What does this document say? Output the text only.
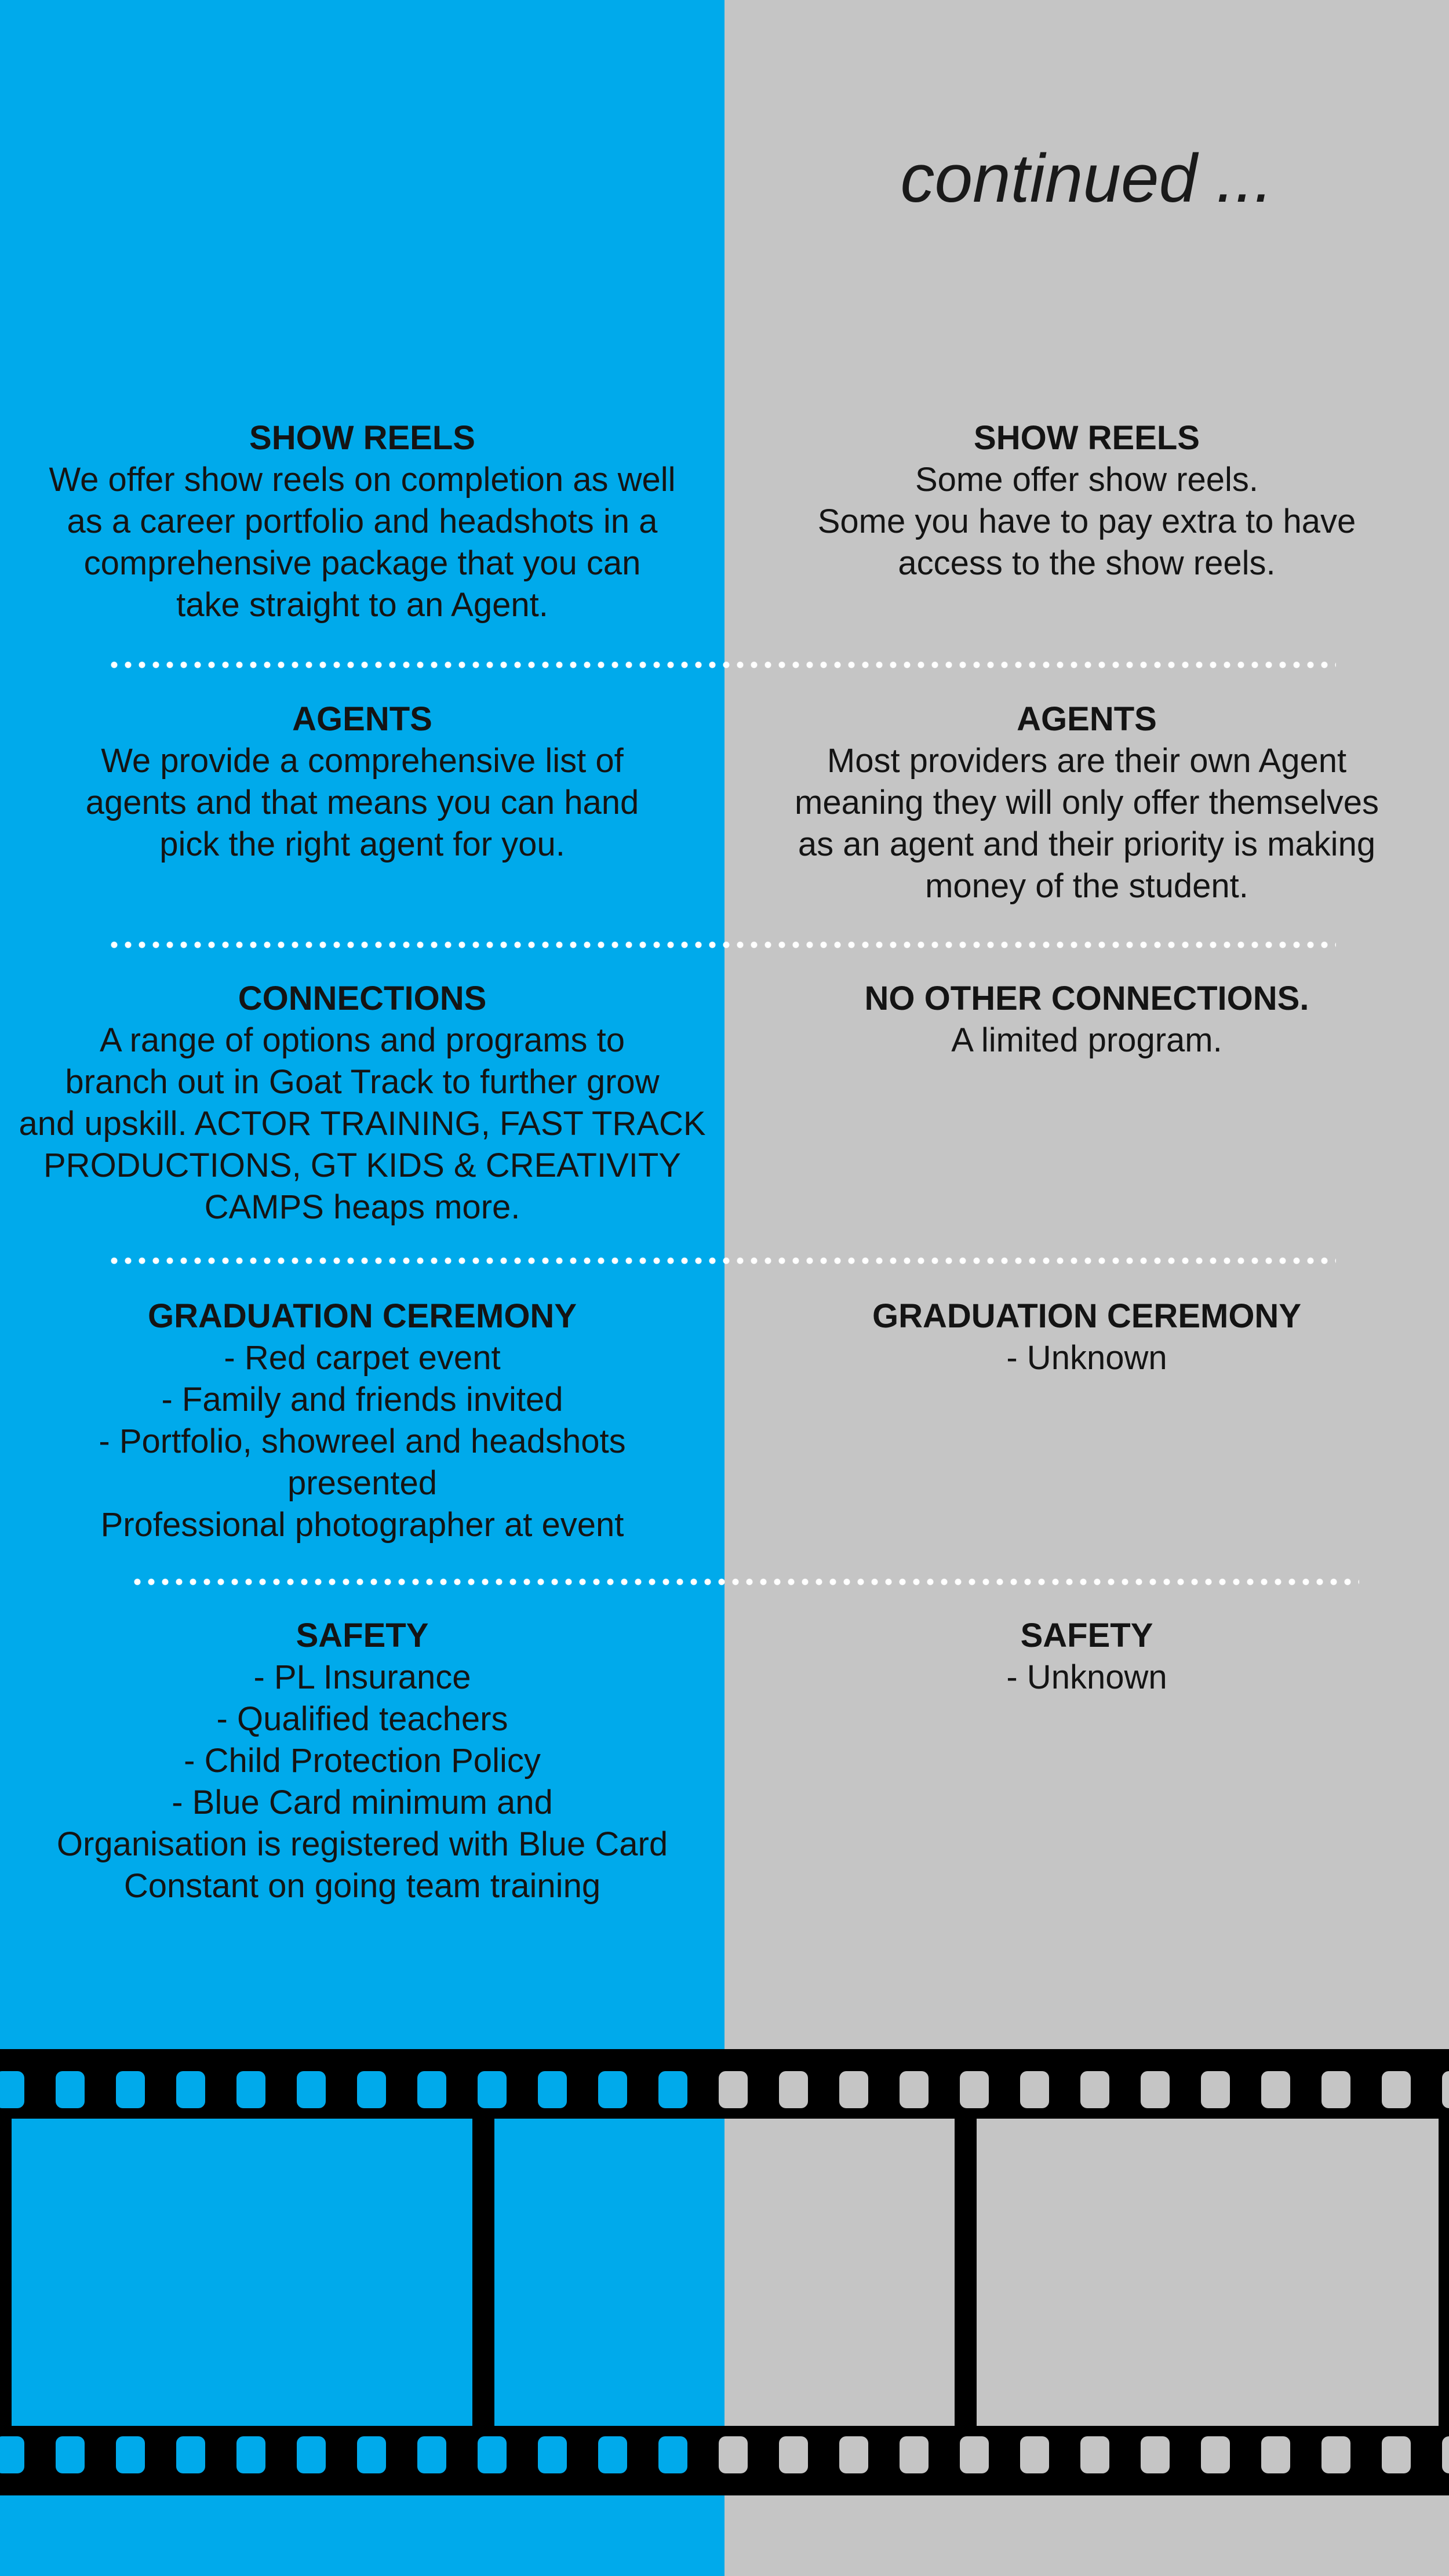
continued ...
SHOW REELS
We offer show reels on completion as well
as a career portfolio and headshots in a
comprehensive package that you can
take straight to an Agent.
AGENTS
We provide a comprehensive list of
agents and that means you can hand
pick the right agent for you.
CONNECTIONS
A range of options and programs to
branch out in Goat Track to further grow
and upskill. ACTOR TRAINING, FAST TRACK
PRODUCTIONS, GT KIDS & CREATIVITY
CAMPS heaps more.
GRADUATION CEREMONY
- Red carpet event
- Family and friends invited
- Portfolio, showreel and headshots
presented
Professional photographer at event
SAFETY
- PL Insurance
- Qualified teachers
- Child Protection Policy
- Blue Card minimum and
Organisation is registered with Blue Card
Constant on going team training
SHOW REELS
Some offer show reels.
Some you have to pay extra to have
access to the show reels.
AGENTS
Most providers are their own Agent
meaning they will only offer themselves
as an agent and their priority is making
money of the student.
NO OTHER CONNECTIONS.
A limited program.
GRADUATION CEREMONY
- Unknown
SAFETY
- Unknown
